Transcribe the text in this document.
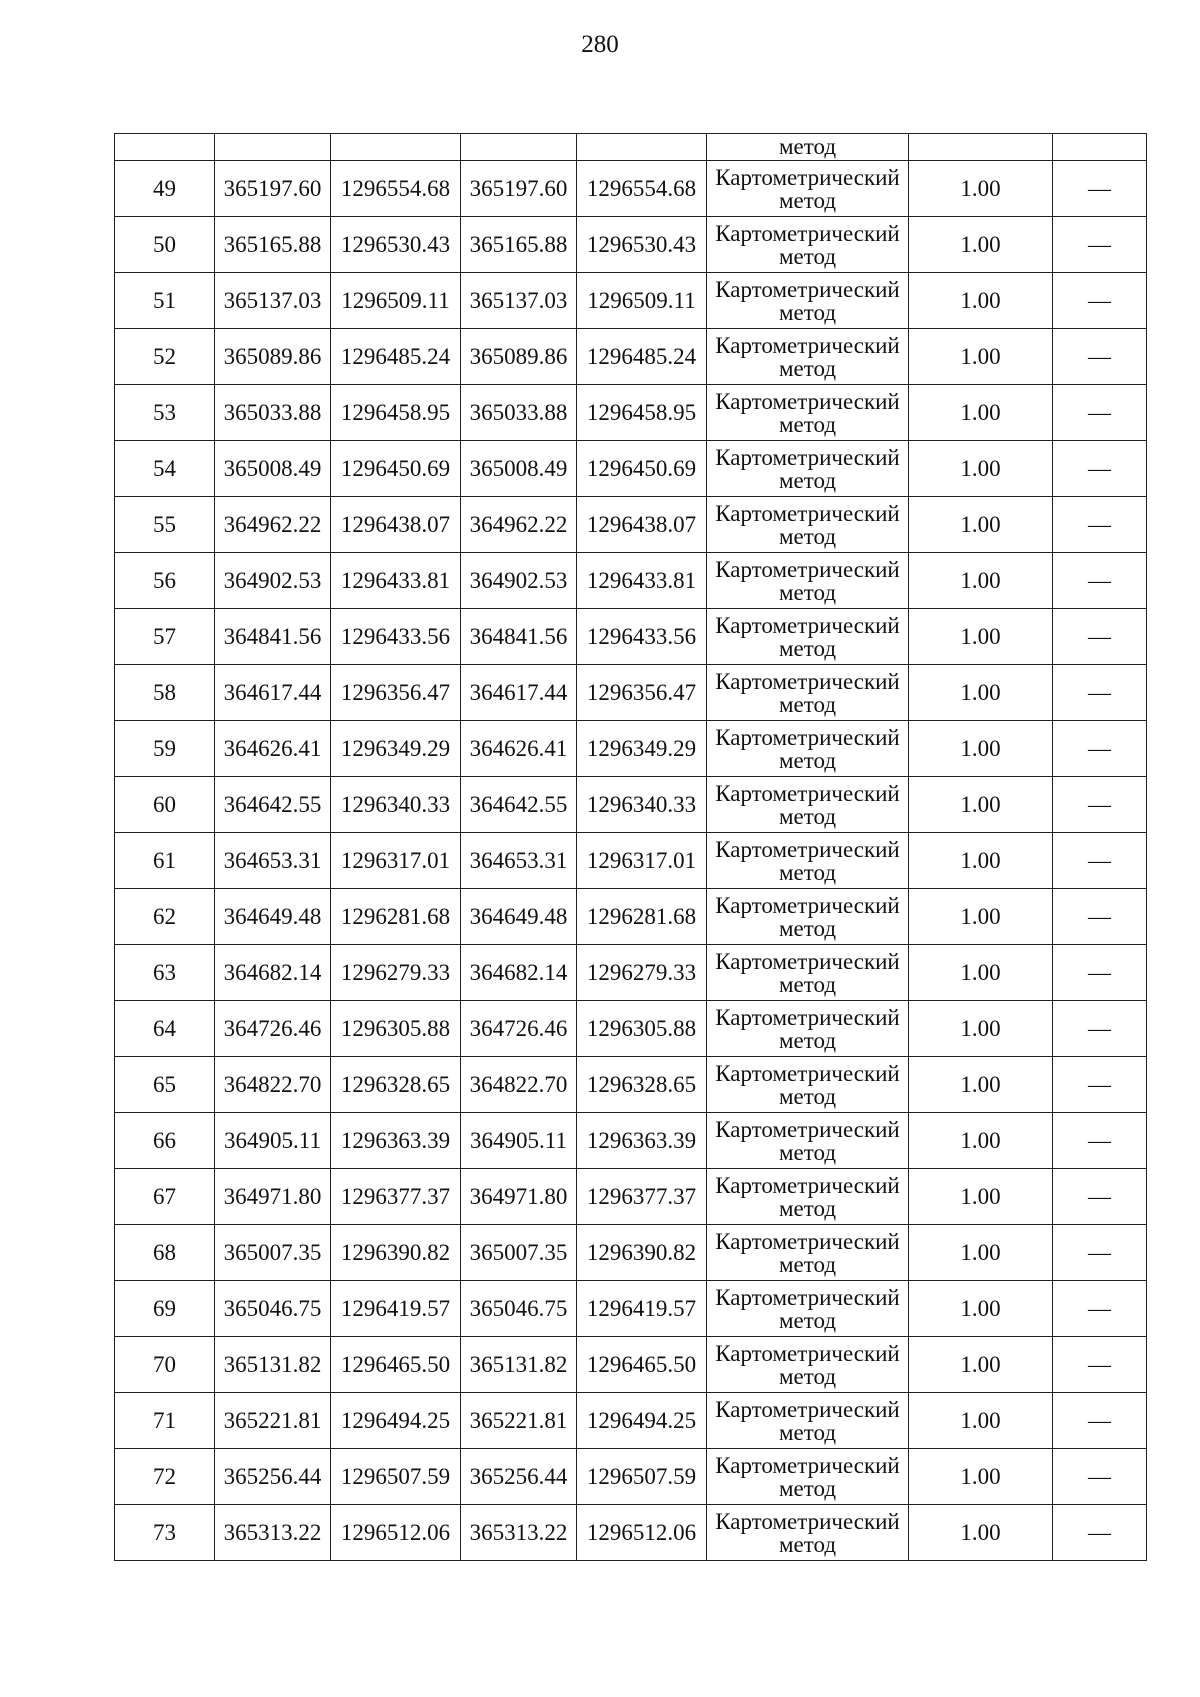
280
					метод		
49	365197.60	1296554.68	365197.60	1296554.68	Картометрический
метод	1.00	—
50	365165.88	1296530.43	365165.88	1296530.43	Картометрический
метод	1.00	—
51	365137.03	1296509.11	365137.03	1296509.11	Картометрический
метод	1.00	—
52	365089.86	1296485.24	365089.86	1296485.24	Картометрический
метод	1.00	—
53	365033.88	1296458.95	365033.88	1296458.95	Картометрический
метод	1.00	—
54	365008.49	1296450.69	365008.49	1296450.69	Картометрический
метод	1.00	—
55	364962.22	1296438.07	364962.22	1296438.07	Картометрический
метод	1.00	—
56	364902.53	1296433.81	364902.53	1296433.81	Картометрический
метод	1.00	—
57	364841.56	1296433.56	364841.56	1296433.56	Картометрический
метод	1.00	—
58	364617.44	1296356.47	364617.44	1296356.47	Картометрический
метод	1.00	—
59	364626.41	1296349.29	364626.41	1296349.29	Картометрический
метод	1.00	—
60	364642.55	1296340.33	364642.55	1296340.33	Картометрический
метод	1.00	—
61	364653.31	1296317.01	364653.31	1296317.01	Картометрический
метод	1.00	—
62	364649.48	1296281.68	364649.48	1296281.68	Картометрический
метод	1.00	—
63	364682.14	1296279.33	364682.14	1296279.33	Картометрический
метод	1.00	—
64	364726.46	1296305.88	364726.46	1296305.88	Картометрический
метод	1.00	—
65	364822.70	1296328.65	364822.70	1296328.65	Картометрический
метод	1.00	—
66	364905.11	1296363.39	364905.11	1296363.39	Картометрический
метод	1.00	—
67	364971.80	1296377.37	364971.80	1296377.37	Картометрический
метод	1.00	—
68	365007.35	1296390.82	365007.35	1296390.82	Картометрический
метод	1.00	—
69	365046.75	1296419.57	365046.75	1296419.57	Картометрический
метод	1.00	—
70	365131.82	1296465.50	365131.82	1296465.50	Картометрический
метод	1.00	—
71	365221.81	1296494.25	365221.81	1296494.25	Картометрический
метод	1.00	—
72	365256.44	1296507.59	365256.44	1296507.59	Картометрический
метод	1.00	—
73	365313.22	1296512.06	365313.22	1296512.06	Картометрический
метод	1.00	—
